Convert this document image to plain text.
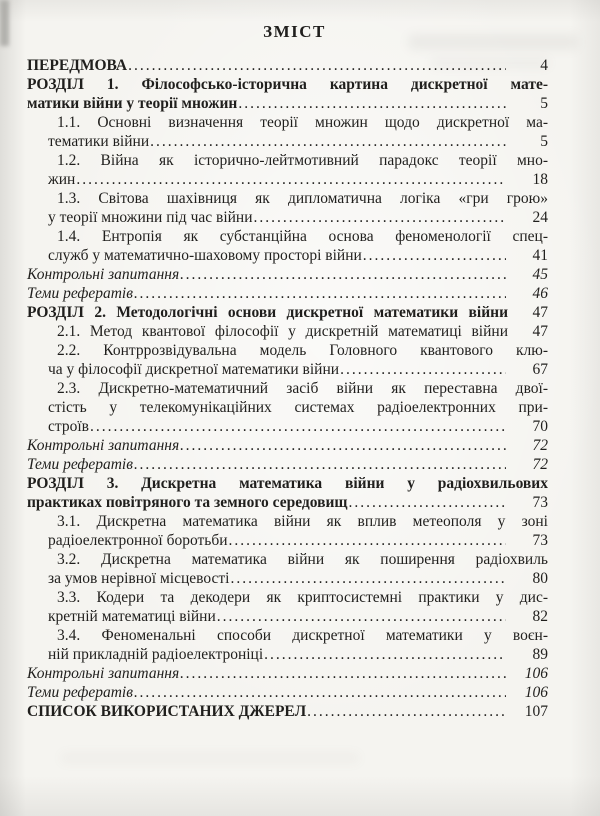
ЗМІСТ
ПЕРЕДМОВА .....	4
РОЗДІЛ 1. Філософсько-історична картина дискретної мате-
матики війни у теорії множин .....	5
1.1. Основні визначення теорії множин щодо дискретної ма-
тематики війни .....	5
1.2. Війна як історично-лейтмотивний парадокс теорії мно-
жин .....	18
1.3. Світова шахівниця як дипломатична логіка «гри грою»
у теорії множини під час війни .....	24
1.4. Ентропія як субстанційна основа феноменології спец-
служб у математично-шаховому просторі війни .....	41
Контрольні запитання .....	45
Теми рефератів .....	46
РОЗДІЛ 2. Методологічні основи дискретної математики війни	47
2.1. Метод квантової філософії у дискретній математиці війни	47
2.2. Контррозвідувальна модель Головного квантового клю-
ча у філософії дискретної математики війни .....	67
2.3. Дискретно-математичний засіб війни як переставна двої-
стість у телекомунікаційних системах радіоелектронних при-
строїв .....	70
Контрольні запитання .....	72
Теми рефератів .....	72
РОЗДІЛ 3. Дискретна математика війни у радіохвильових
практиках повітряного та земного середовищ .....	73
3.1. Дискретна математика війни як вплив метеополя у зоні
радіоелектронної боротьби .....	73
3.2. Дискретна математика війни як поширення радіохвиль
за умов нерівної місцевості .....	80
3.3. Кодери та декодери як криптосистемні практики у дис-
кретній математиці війни .....	82
3.4. Феноменальні способи дискретної математики у воєн-
ній прикладній радіоелектроніці .....	89
Контрольні запитання .....	106
Теми рефератів .....	106
СПИСОК ВИКОРИСТАНИХ ДЖЕРЕЛ .....	107
